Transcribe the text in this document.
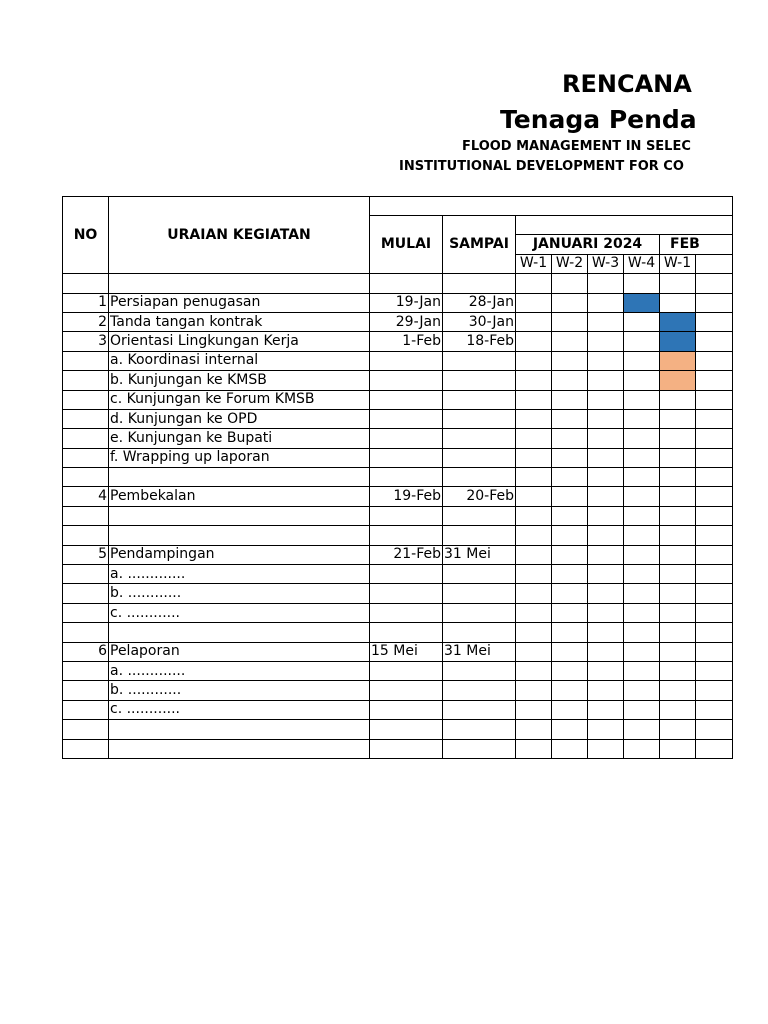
RENCANA
Tenaga Penda
FLOOD MANAGEMENT IN SELEC
INSTITUTIONAL DEVELOPMENT FOR CO
NO	URAIAN KEGIATAN								
		MULAI	SAMPAI						
				JANUARI 2024				FEB	
				W-1	W-2	W-3	W-4	W-1	

1	Persiapan penugasan	19-Jan	28-Jan						
2	Tanda tangan kontrak	29-Jan	30-Jan						
3	Orientasi Lingkungan Kerja	1-Feb	18-Feb						
	a. Koordinasi internal								
	b. Kunjungan ke KMSB								
	c. Kunjungan ke Forum KMSB								
	d. Kunjungan ke OPD								
	e. Kunjungan ke Bupati								
	f. Wrapping up laporan								

4	Pembekalan	19-Feb	20-Feb						

5	Pendampingan	21-Feb	31 Mei						
	a. .............								
	b. ............								
	c. ............								

6	Pelaporan	15 Mei	31 Mei						
	a. .............								
	b. ............								
	c. ............								
